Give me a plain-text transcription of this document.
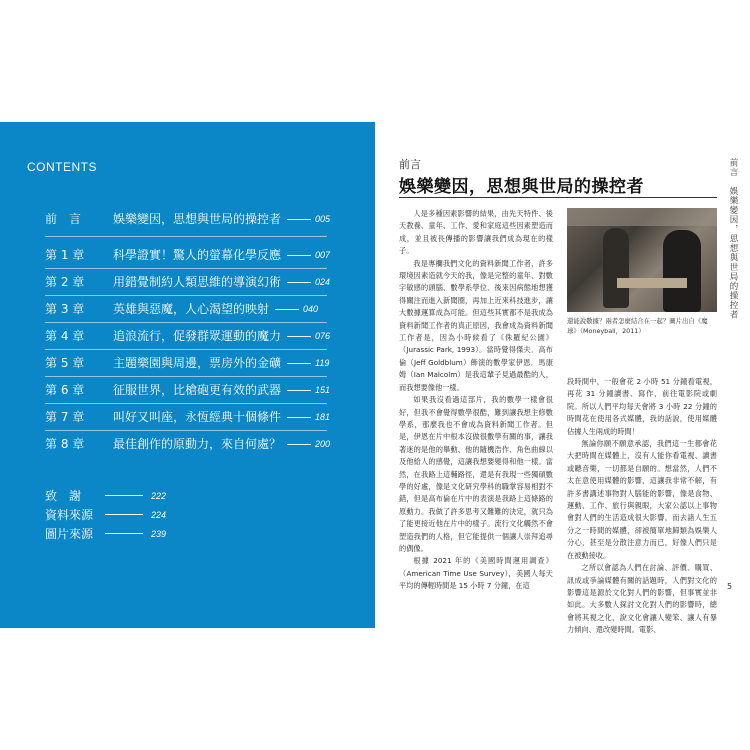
CONTENTS
前　言	娛樂變因，思想與世局的操控者	005
第 1 章	科學證實！驚人的螢幕化學反應	007
第 2 章	用錯覺制約人類思維的導演幻術	024
第 3 章	英雄與惡魔，人心渴望的映射	040
第 4 章	追浪流行，促發群眾運動的魔力	076
第 5 章	主題樂園與周邊，票房外的金礦	119
第 6 章	征服世界，比槍砲更有效的武器	151
第 7 章	叫好又叫座，永恆經典十個條件	181
第 8 章	最佳創作的原動力，來自何處？	200
致　謝	222
資料來源	224
圖片來源	239
前言
娛樂變因，思想與世局的操控者

人是多種因素影響的結果，由先天特件、後天教養、童年、工作、愛和家庭這些因素塑造而成，並且被長傳播的影響讓我們成為現在的樣子。

我是專欄我們文化的資料新聞工作者，許多環境因素造就今天的我，像是完整的童年、對數字敏感的頭腦、數學系學位、後來因病態地想獲得關注而進入新聞圈，再加上近來科技進步，讓大數據運算成為可能。但這些其實都不是我成為資料新聞工作者的真正原因，我會成為資料新聞工作者是，因為小時候看了《侏羅紀公園》（Jurassic Park, 1993）。當時覺得傑夫．高布倫（Jeff Goldblum）飾演的數學家伊恩．馬康姆（Ian Malcolm）是我這輩子見過最酷的人，而我想要像他一樣。

如果我沒看過這部片，我的數學一樣會很好，但我不會覺得數學很酷，難到讓我想主修數學系，那麼我也不會成為資料新聞工作者。但是，伊恩在片中根本沒做很數學有關的事，讓我著迷的是他的舉動、他的隨機浩作、角色曲線以及他給人的感覺，這讓我想要變得和他一樣。當然，在我路上這輔路徑，還是有我現一些獨碩數學的好處，像是文化研究學科的職掌容易相對不錯，但是高布倫在片中的表演是我路上這條路的原動力。我做了許多思考又難難的決定，就只為了能更接近他在片中的樣子。流行文化觸然不會塑造我們的人格，但它能提供一個讓人崇拜追尋的偶像。

根據 2021 年的《美國時間運用調查》（American Time Use Survey），美國人每天平均的傳輕時間是 15 小時 7 分鐘，在這

還能說數據？兩者怎麼結合在一起？圖片出自《魔球》（Moneyball，2011）

段時間中，一般會花 2 小時 51 分鐘看電視，再花 31 分鐘讀書、寫作，前往電影院或劇院。所以人們平均每天會將 3 小時 22 分鐘的時間花在使用各式媒體，我的話說，使用媒體佔據人生兩成的時間！

無論你願不願意承認，我們這一生都會花大把時間在媒體上，沒有人能你看電視、讀書或聽音樂，一切都是自願的。想當然，人們不太在意使用媒體的影響，這讓我非常不解，有許多書講述事物對人腦能的影響，像是食物、運動、工作、旅行與親眼，大家公認以上事物會對人們的生活造成很大影響，而去諸人生五分之一時間的媒體，卻被簡單地歸類為娛樂人分心，甚至是分散注意力而已，好像人們只是在被動接收。

之所以會認為人們在討論、評價、購買、訊成或爭論媒體有關的話題時，人們對文化的影響這是源於文化對人們的影響，但事實並非如此。大多數人探討文化對人們的影響時，總會將其視之化，說文化會讓人變笨、讓人有暴力傾向、還改變時間。電影、

前言　娛樂變因，思想與世局的操控者
5
